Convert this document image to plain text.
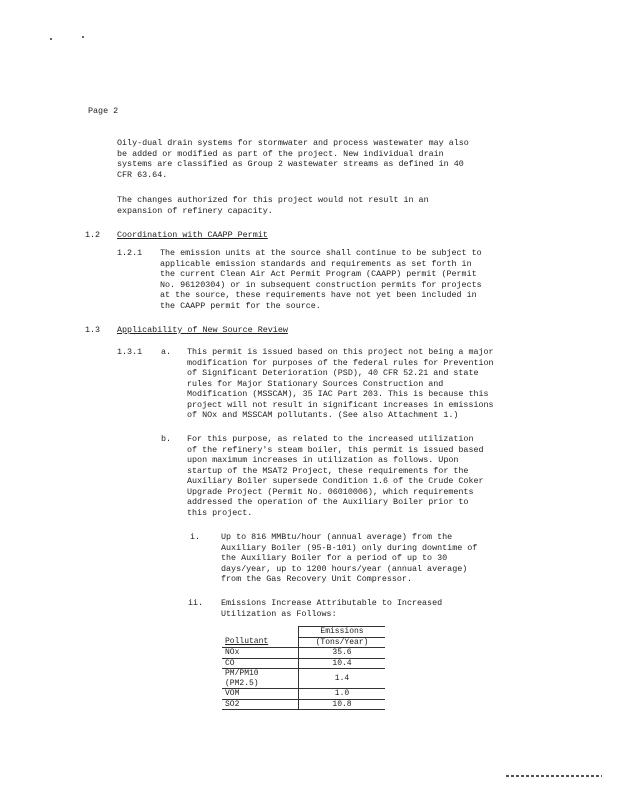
Page 2
Oily-dual drain systems for stormwater and process wastewater may also
be added or modified as part of the project. New individual drain
systems are classified as Group 2 wastewater streams as defined in 40
CFR 63.64.
The changes authorized for this project would not result in an
expansion of refinery capacity.
1.2 Coordination with CAAPP Permit
1.2.1 The emission units at the source shall continue to be subject to
applicable emission standards and requirements as set forth in
the current Clean Air Act Permit Program (CAAPP) permit (Permit
No. 96120304) or in subsequent construction permits for projects
at the source, these requirements have not yet been included in
the CAAPP permit for the source.
1.3 Applicability of New Source Review
1.3.1 a. This permit is issued based on this project not being a major
modification for purposes of the federal rules for Prevention
of Significant Deterioration (PSD), 40 CFR 52.21 and state
rules for Major Stationary Sources Construction and
Modification (MSSCAM), 35 IAC Part 203. This is because this
project will not result in significant increases in emissions
of NOx and MSSCAM pollutants. (See also Attachment 1.)
b. For this purpose, as related to the increased utilization
of the refinery's steam boiler, this permit is issued based
upon maximum increases in utilization as follows. Upon
startup of the MSAT2 Project, these requirements for the
Auxiliary Boiler supersede Condition 1.6 of the Crude Coker
Upgrade Project (Permit No. 06010006), which requirements
addressed the operation of the Auxiliary Boiler prior to
this project.
i. Up to 816 MMBtu/hour (annual average) from the
Auxiliary Boiler (95-B-101) only during downtime of
the Auxiliary Boiler for a period of up to 30
days/year, up to 1200 hours/year (annual average)
from the Gas Recovery Unit Compressor.
ii. Emissions Increase Attributable to Increased
Utilization as Follows:
	Emissions
Pollutant	(Tons/Year)
NOx	35.6
CO	10.4
PM/PM10 (PM2.5)	1.4
VOM	1.0
SO2	10.8
